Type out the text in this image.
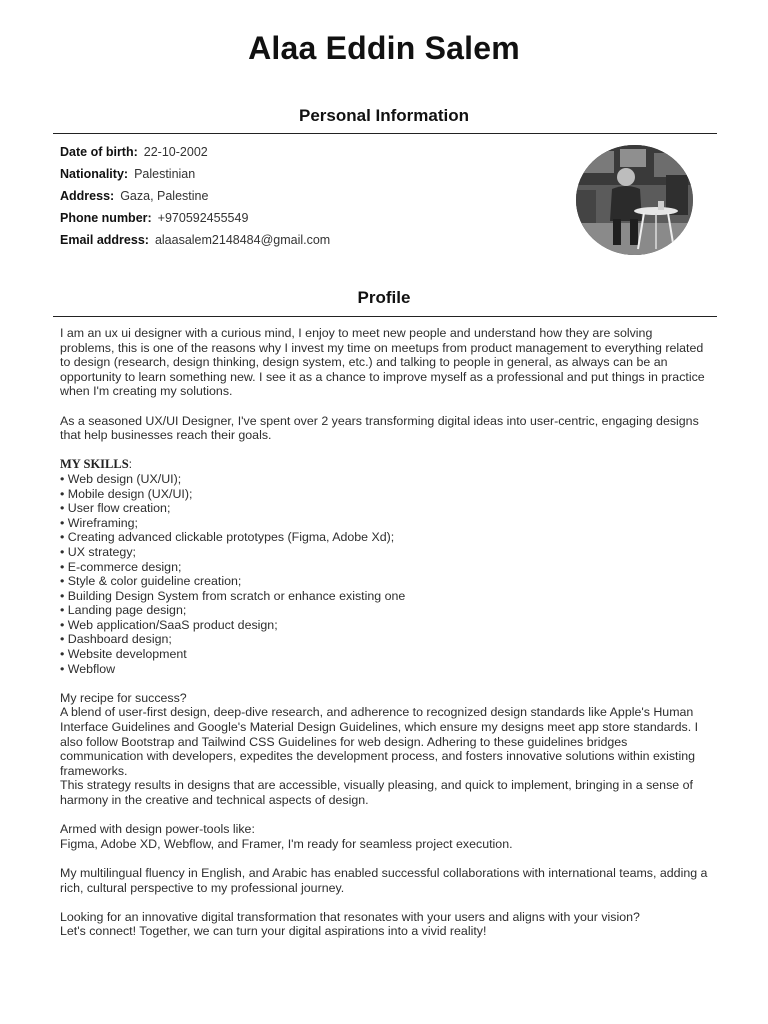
Alaa Eddin Salem
Personal Information
Date of birth: 22-10-2002
Nationality: Palestinian
Address: Gaza, Palestine
Phone number: +970592455549
Email address: alaasalem2148484@gmail.com
Profile

I am an ux ui designer with a curious mind, I enjoy to meet new people and understand how they are solving problems, this is one of the reasons why I invest my time on meetups from product management to everything related to design (research, design thinking, design system, etc.) and talking to people in general, as always can be an opportunity to learn something new. I see it as a chance to improve myself as a professional and put things in practice when I'm creating my solutions.

As a seasoned UX/UI Designer, I've spent over 2 years transforming digital ideas into user-centric, engaging designs that help businesses reach their goals.

MY SKILLS:

• Web design (UX/UI);

• Mobile design (UX/UI);

• User flow creation;

• Wireframing;

• Creating advanced clickable prototypes (Figma, Adobe Xd);

• UX strategy;

• E-commerce design;

• Style & color guideline creation;

• Building Design System from scratch or enhance existing one

• Landing page design;

• Web application/SaaS product design;

• Dashboard design;

• Website development

• Webflow

My recipe for success?

A blend of user-first design, deep-dive research, and adherence to recognized design standards like Apple's Human Interface Guidelines and Google's Material Design Guidelines, which ensure my designs meet app store standards. I also follow Bootstrap and Tailwind CSS Guidelines for web design. Adhering to these guidelines bridges communication with developers, expedites the development process, and fosters innovative solutions within existing frameworks.

This strategy results in designs that are accessible, visually pleasing, and quick to implement, bringing in a sense of harmony in the creative and technical aspects of design.

Armed with design power-tools like:

Figma, Adobe XD, Webflow, and Framer, I'm ready for seamless project execution.

My multilingual fluency in English, and Arabic has enabled successful collaborations with international teams, adding a rich, cultural perspective to my professional journey.

Looking for an innovative digital transformation that resonates with your users and aligns with your vision?

Let's connect! Together, we can turn your digital aspirations into a vivid reality!
